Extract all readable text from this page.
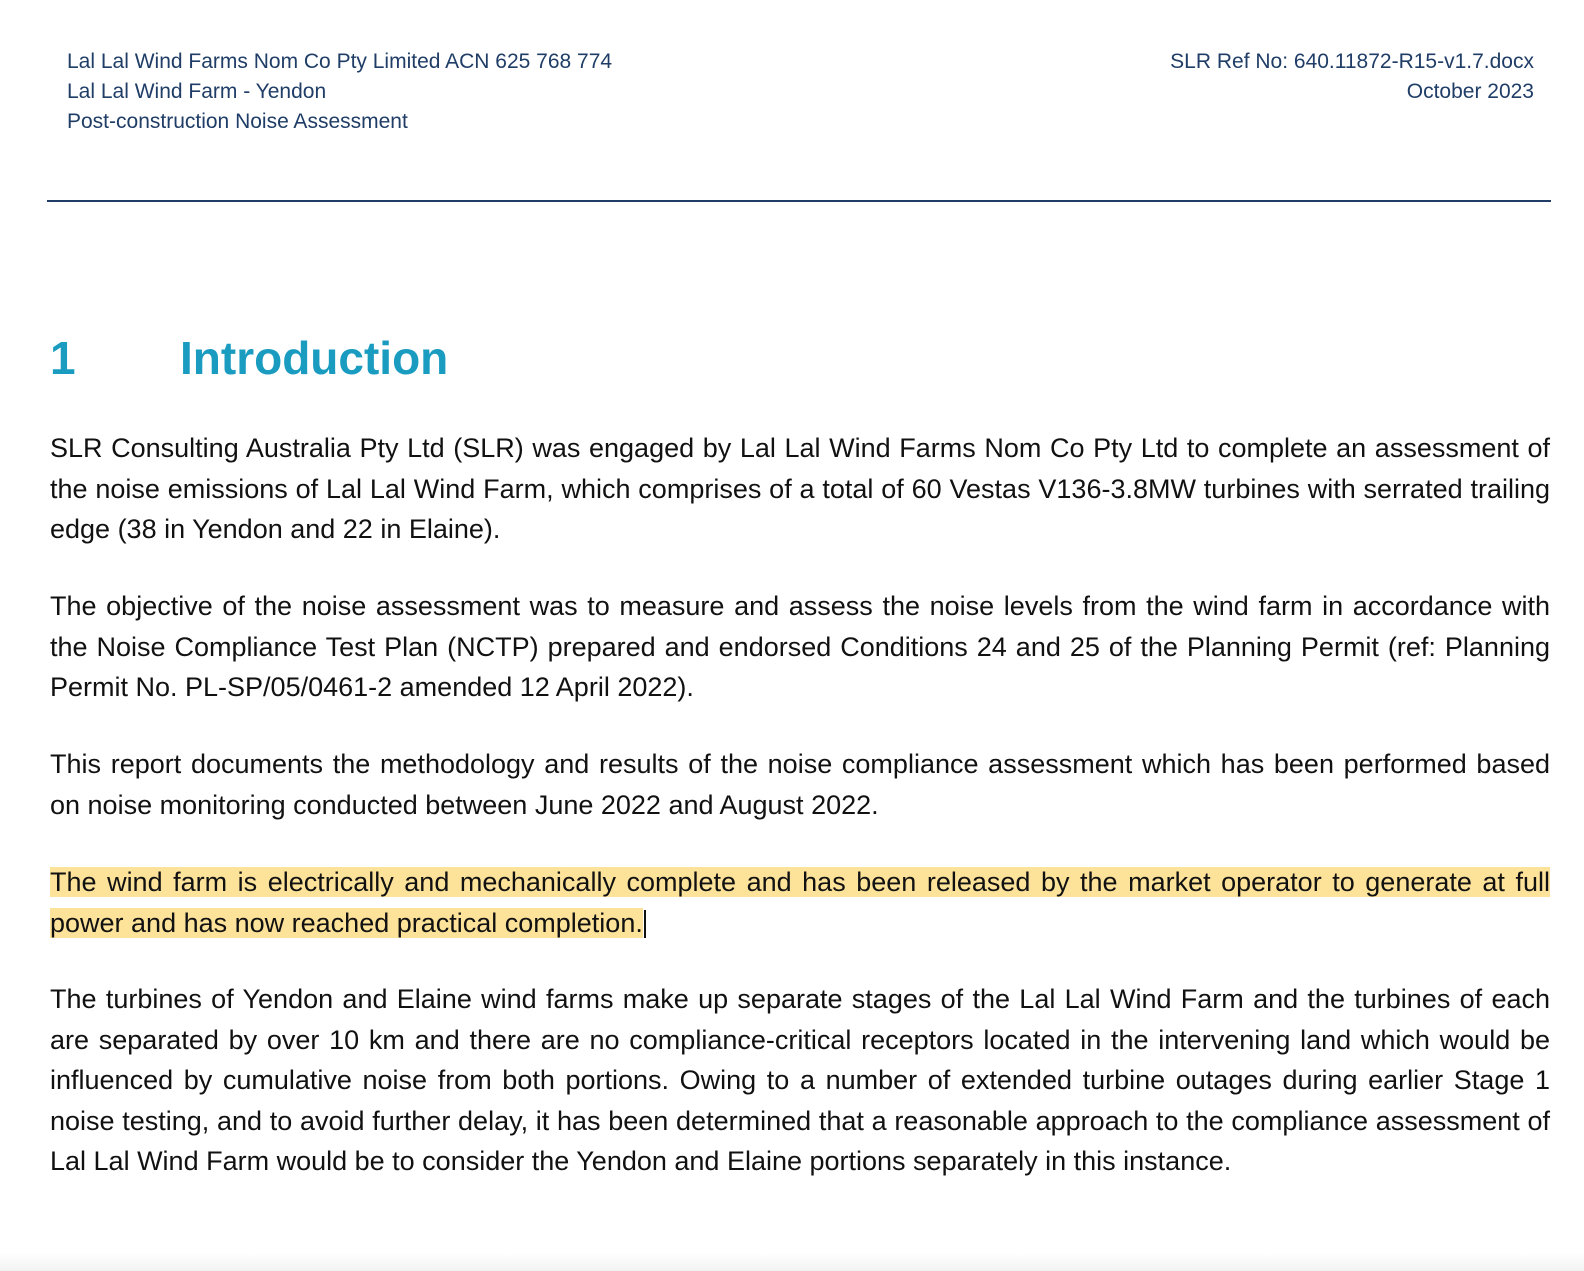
Lal Lal Wind Farms Nom Co Pty Limited ACN 625 768 774
Lal Lal Wind Farm - Yendon
Post-construction Noise Assessment
SLR Ref No: 640.11872-R15-v1.7.docx
October 2023
1	Introduction

SLR Consulting Australia Pty Ltd (SLR) was engaged by Lal Lal Wind Farms Nom Co Pty Ltd to complete an assessment of the noise emissions of Lal Lal Wind Farm, which comprises of a total of 60 Vestas V136-3.8MW turbines with serrated trailing edge (38 in Yendon and 22 in Elaine).

The objective of the noise assessment was to measure and assess the noise levels from the wind farm in accordance with the Noise Compliance Test Plan (NCTP) prepared and endorsed Conditions 24 and 25 of the Planning Permit (ref: Planning Permit No. PL-SP/05/0461-2 amended 12 April 2022).

This report documents the methodology and results of the noise compliance assessment which has been performed based on noise monitoring conducted between June 2022 and August 2022.

The wind farm is electrically and mechanically complete and has been released by the market operator to generate at full power and has now reached practical completion.

The turbines of Yendon and Elaine wind farms make up separate stages of the Lal Lal Wind Farm and the turbines of each are separated by over 10 km and there are no compliance-critical receptors located in the intervening land which would be influenced by cumulative noise from both portions. Owing to a number of extended turbine outages during earlier Stage 1 noise testing, and to avoid further delay, it has been determined that a reasonable approach to the compliance assessment of Lal Lal Wind Farm would be to consider the Yendon and Elaine portions separately in this instance.
